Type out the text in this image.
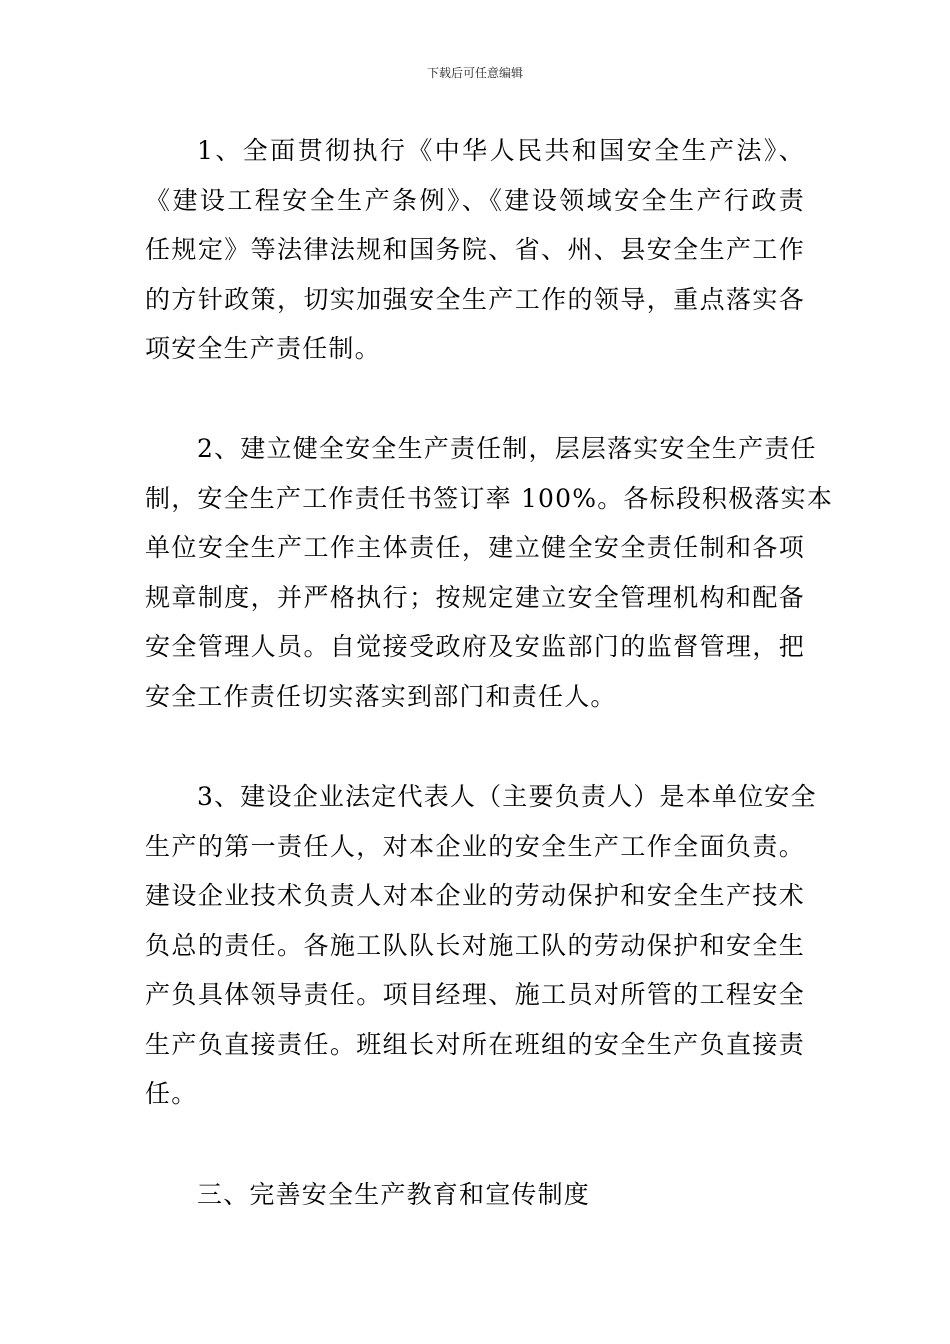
下载后可任意编辑
1、全面贯彻执行《中华人民共和国安全生产法》、
《建设工程安全生产条例》、《建设领域安全生产行政责
任规定》等法律法规和国务院、省、州、县安全生产工作
的方针政策，切实加强安全生产工作的领导，重点落实各
项安全生产责任制。
2、建立健全安全生产责任制，层层落实安全生产责任
制，安全生产工作责任书签订率 100%。各标段积极落实本
单位安全生产工作主体责任，建立健全安全责任制和各项
规章制度，并严格执行；按规定建立安全管理机构和配备
安全管理人员。自觉接受政府及安监部门的监督管理，把
安全工作责任切实落实到部门和责任人。
3、建设企业法定代表人（主要负责人）是本单位安全
生产的第一责任人，对本企业的安全生产工作全面负责。
建设企业技术负责人对本企业的劳动保护和安全生产技术
负总的责任。各施工队队长对施工队的劳动保护和安全生
产负具体领导责任。项目经理、施工员对所管的工程安全
生产负直接责任。班组长对所在班组的安全生产负直接责
任。
三、完善安全生产教育和宣传制度
